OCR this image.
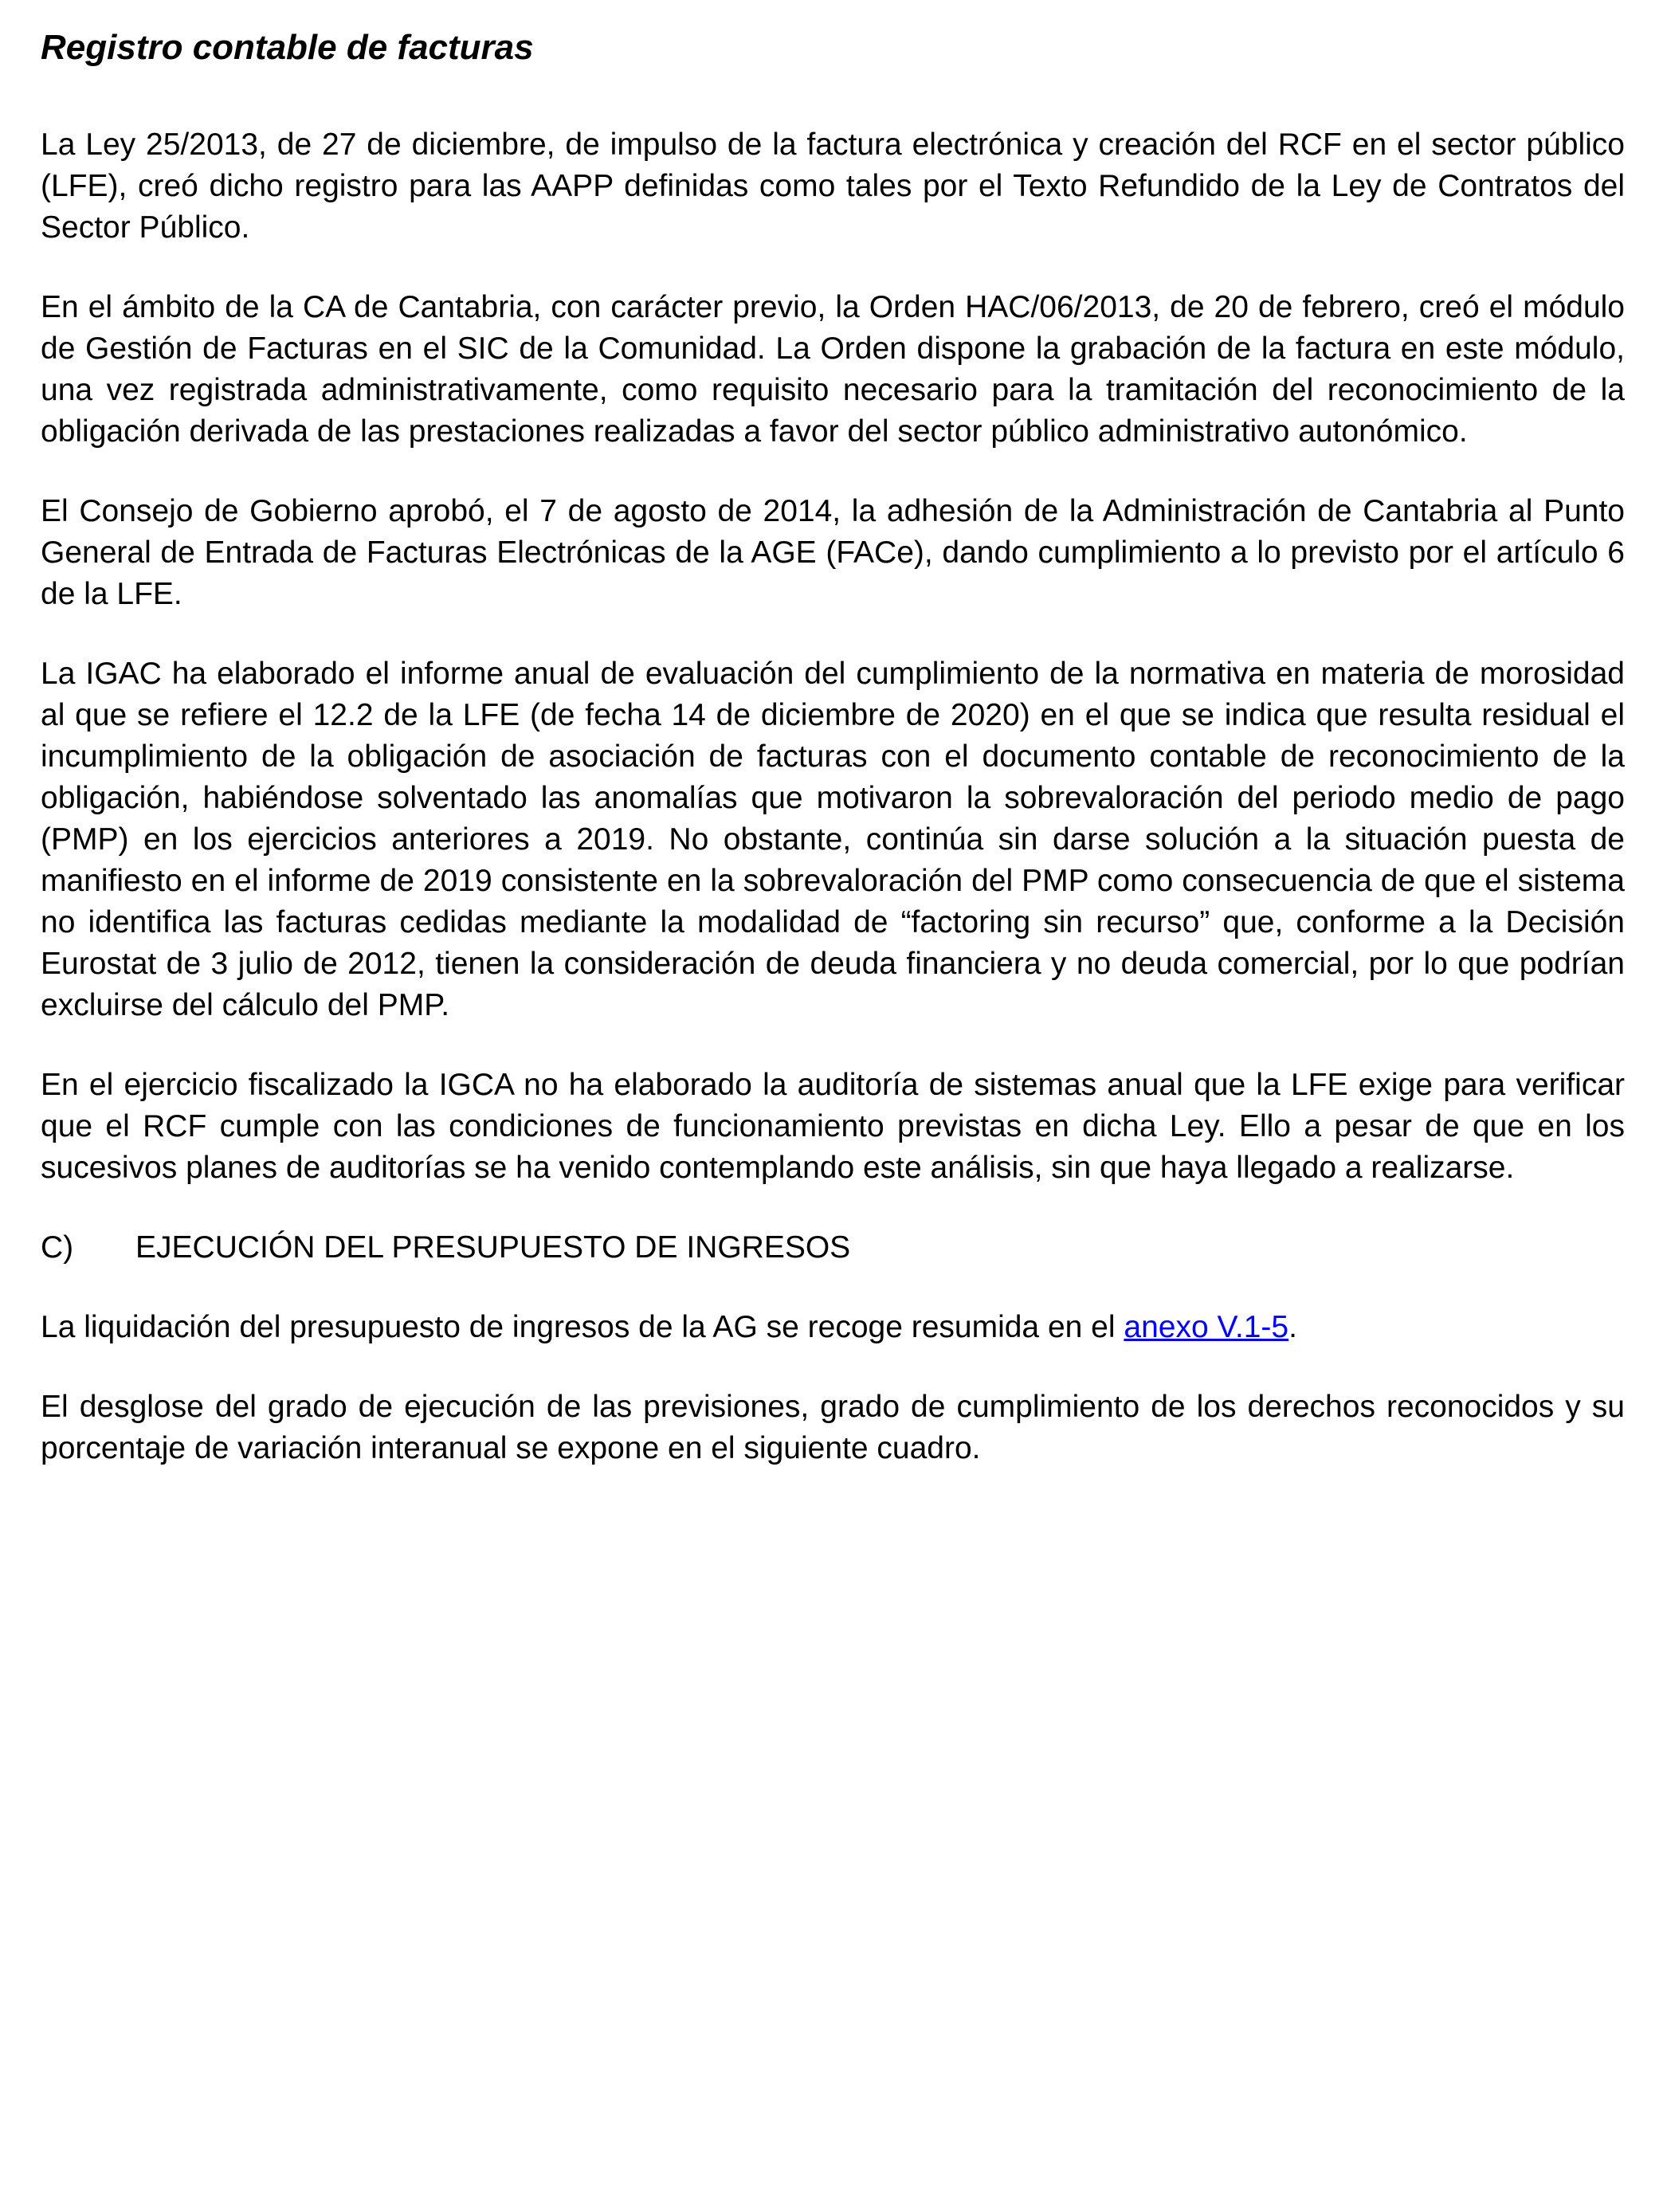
Registro contable de facturas

La Ley 25/2013, de 27 de diciembre, de impulso de la factura electrónica y creación del RCF en el sector público (LFE), creó dicho registro para las AAPP definidas como tales por el Texto Refundido de la Ley de Contratos del Sector Público.

En el ámbito de la CA de Cantabria, con carácter previo, la Orden HAC/06/2013, de 20 de febrero, creó el módulo de Gestión de Facturas en el SIC de la Comunidad. La Orden dispone la grabación de la factura en este módulo, una vez registrada administrativamente, como requisito necesario para la tramitación del reconocimiento de la obligación derivada de las prestaciones realizadas a favor del sector público administrativo autonómico.

El Consejo de Gobierno aprobó, el 7 de agosto de 2014, la adhesión de la Administración de Cantabria al Punto General de Entrada de Facturas Electrónicas de la AGE (FACe), dando cumplimiento a lo previsto por el artículo 6 de la LFE.

La IGAC ha elaborado el informe anual de evaluación del cumplimiento de la normativa en materia de morosidad al que se refiere el 12.2 de la LFE (de fecha 14 de diciembre de 2020) en el que se indica que resulta residual el incumplimiento de la obligación de asociación de facturas con el documento contable de reconocimiento de la obligación, habiéndose solventado las anomalías que motivaron la sobrevaloración del periodo medio de pago (PMP) en los ejercicios anteriores a 2019. No obstante, continúa sin darse solución a la situación puesta de manifiesto en el informe de 2019 consistente en la sobrevaloración del PMP como consecuencia de que el sistema no identifica las facturas cedidas mediante la modalidad de “factoring sin recurso” que, conforme a la Decisión Eurostat de 3 julio de 2012, tienen la consideración de deuda financiera y no deuda comercial, por lo que podrían excluirse del cálculo del PMP.

En el ejercicio fiscalizado la IGCA no ha elaborado la auditoría de sistemas anual que la LFE exige para verificar que el RCF cumple con las condiciones de funcionamiento previstas en dicha Ley. Ello a pesar de que en los sucesivos planes de auditorías se ha venido contemplando este análisis, sin que haya llegado a realizarse.

C) EJECUCIÓN DEL PRESUPUESTO DE INGRESOS

La liquidación del presupuesto de ingresos de la AG se recoge resumida en el anexo V.1-5.

El desglose del grado de ejecución de las previsiones, grado de cumplimiento de los derechos reconocidos y su porcentaje de variación interanual se expone en el siguiente cuadro.
